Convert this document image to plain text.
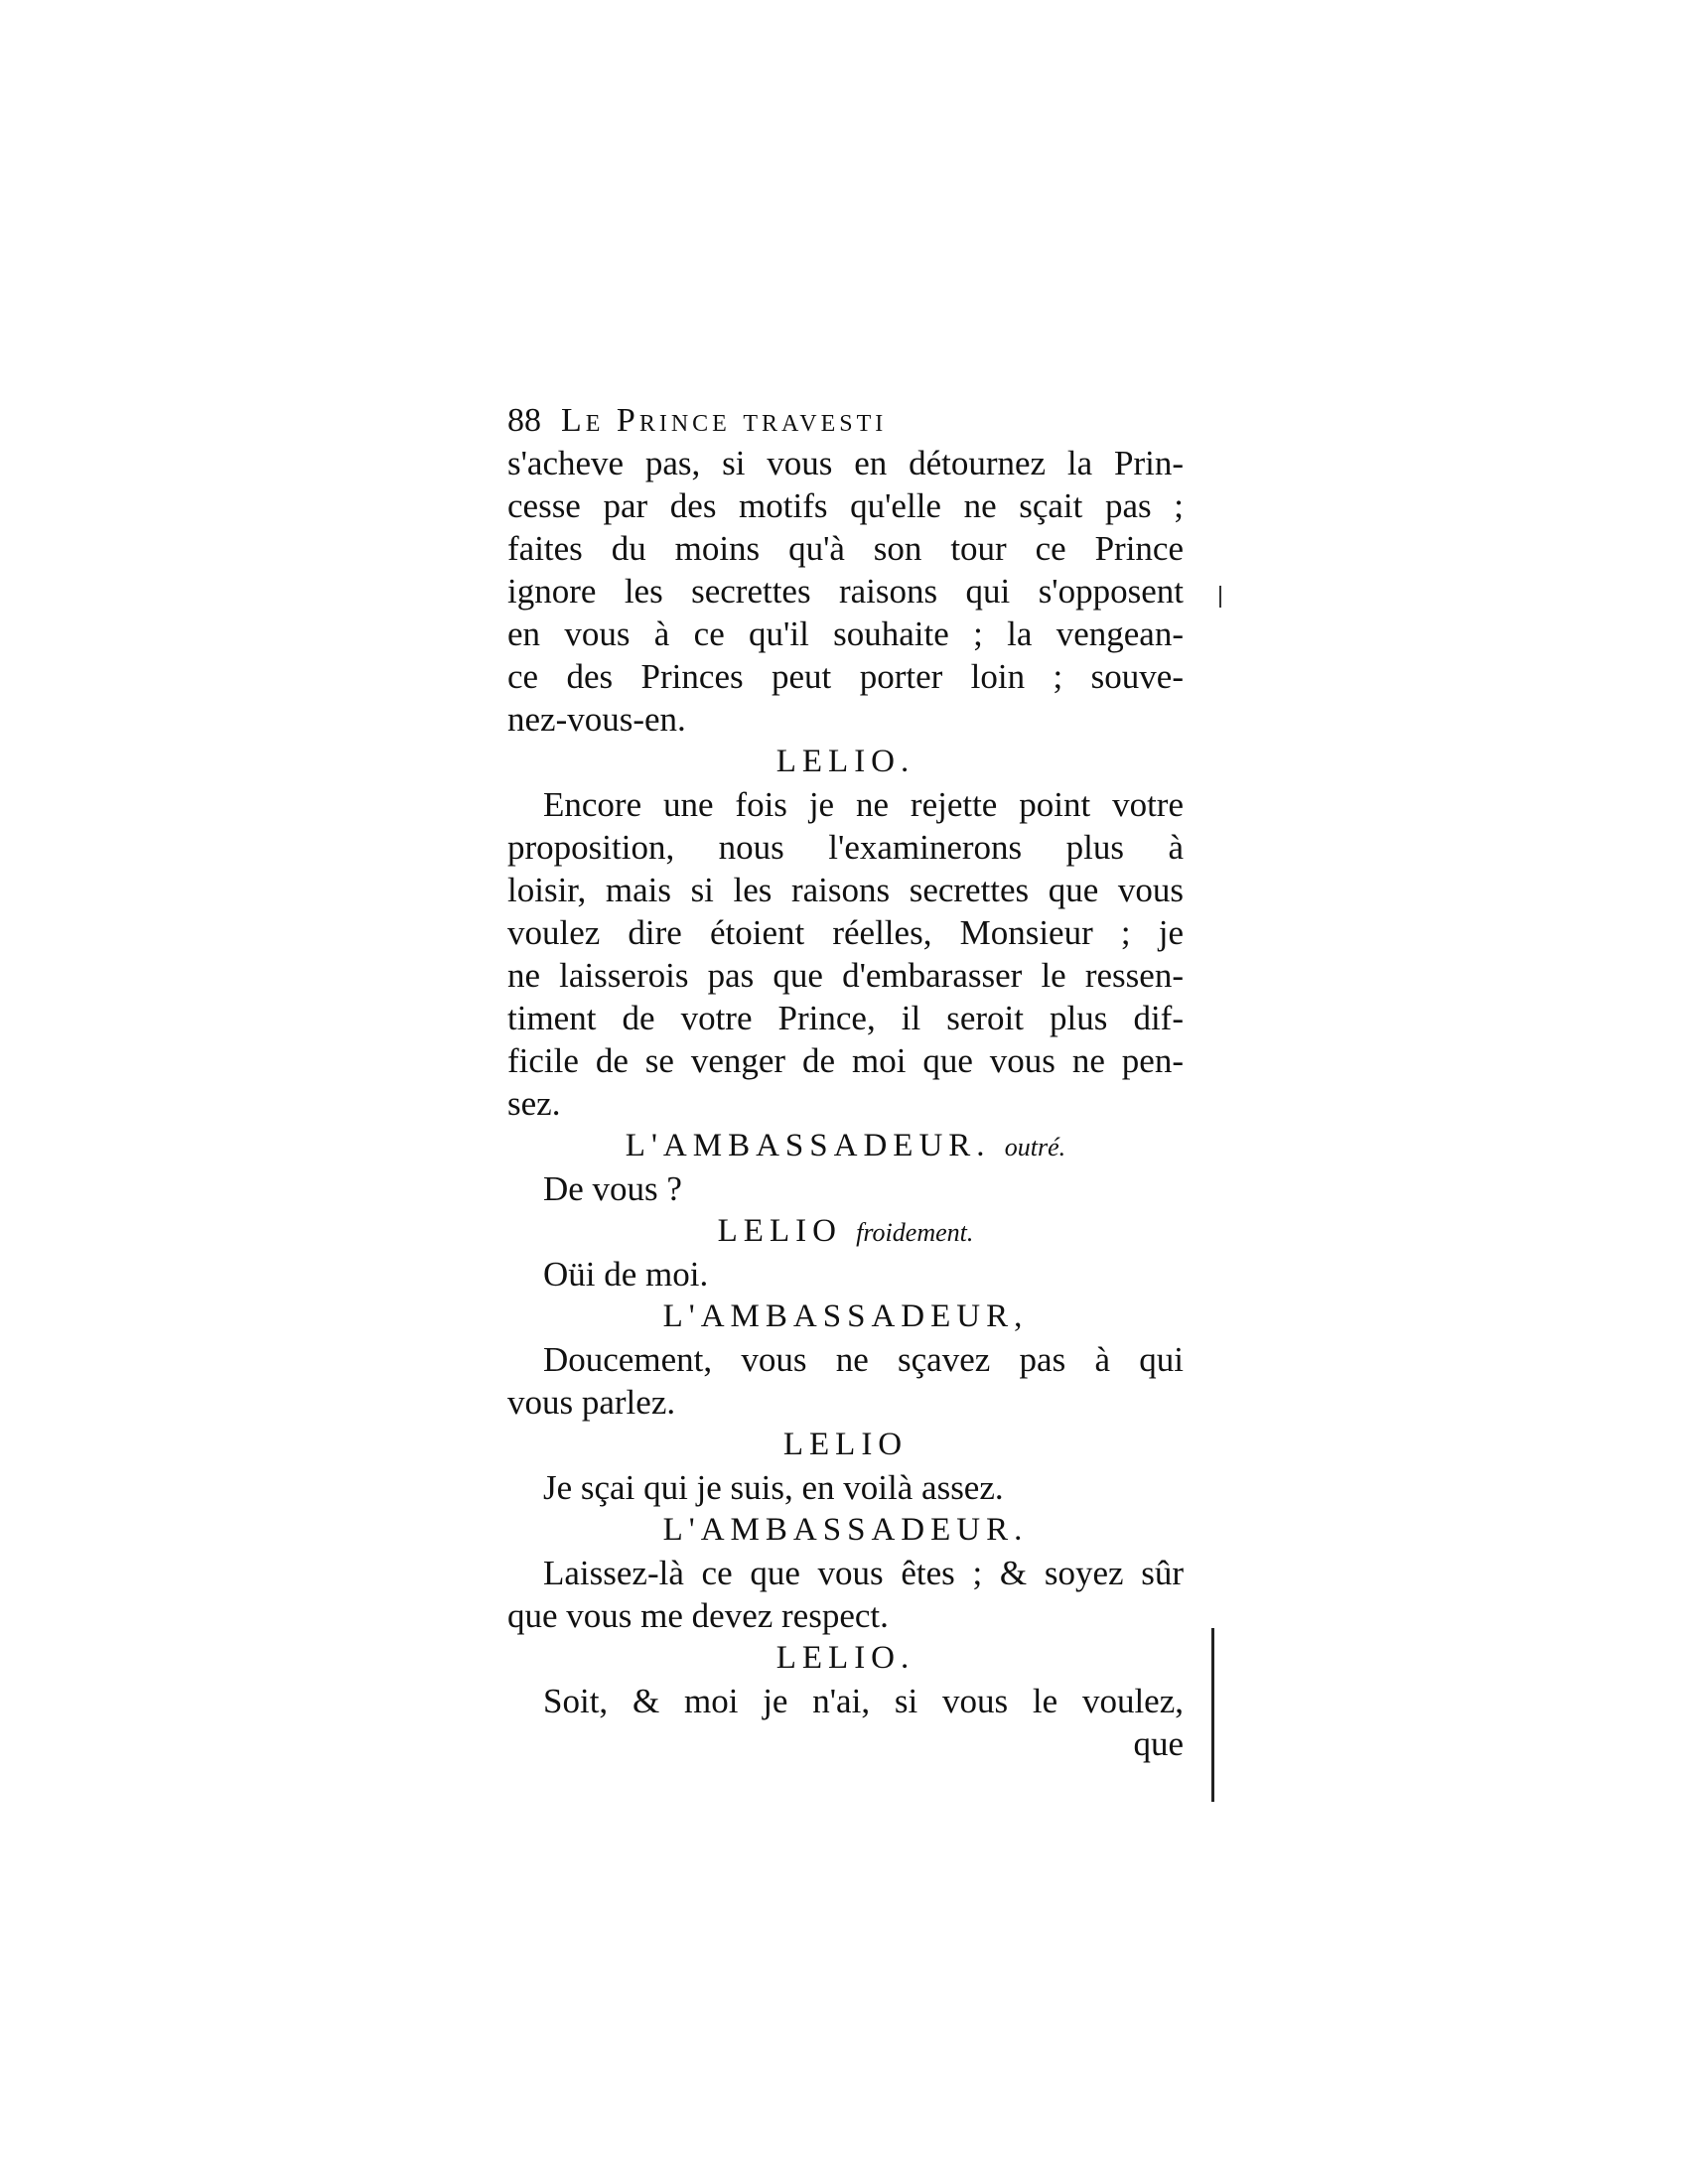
88 Le Prince travesti
s'acheve pas, si vous en détournez la Prin-
cesse par des motifs qu'elle ne sçait pas ;
faites du moins qu'à son tour ce Prince
ignore les secrettes raisons qui s'opposent
en vous à ce qu'il souhaite ; la vengean-
ce des Princes peut porter loin ; souve-
nez-vous-en.
LELIO.
Encore une fois je ne rejette point votre
proposition, nous l'examinerons plus à
loisir, mais si les raisons secrettes que vous
voulez dire étoient réelles, Monsieur ; je
ne laisserois pas que d'embarasser le ressen-
timent de votre Prince, il seroit plus dif-
ficile de se venger de moi que vous ne pen-
sez.
L'AMBASSADEUR. outré.
De vous ?
LELIO froidement.
Oüi de moi.
L'AMBASSADEUR,
Doucement, vous ne sçavez pas à qui
vous parlez.
LELIO
Je sçai qui je suis, en voilà assez.
L'AMBASSADEUR.
Laissez-là ce que vous êtes ; & soyez sûr
que vous me devez respect.
LELIO.
Soit, & moi je n'ai, si vous le voulez,
que
